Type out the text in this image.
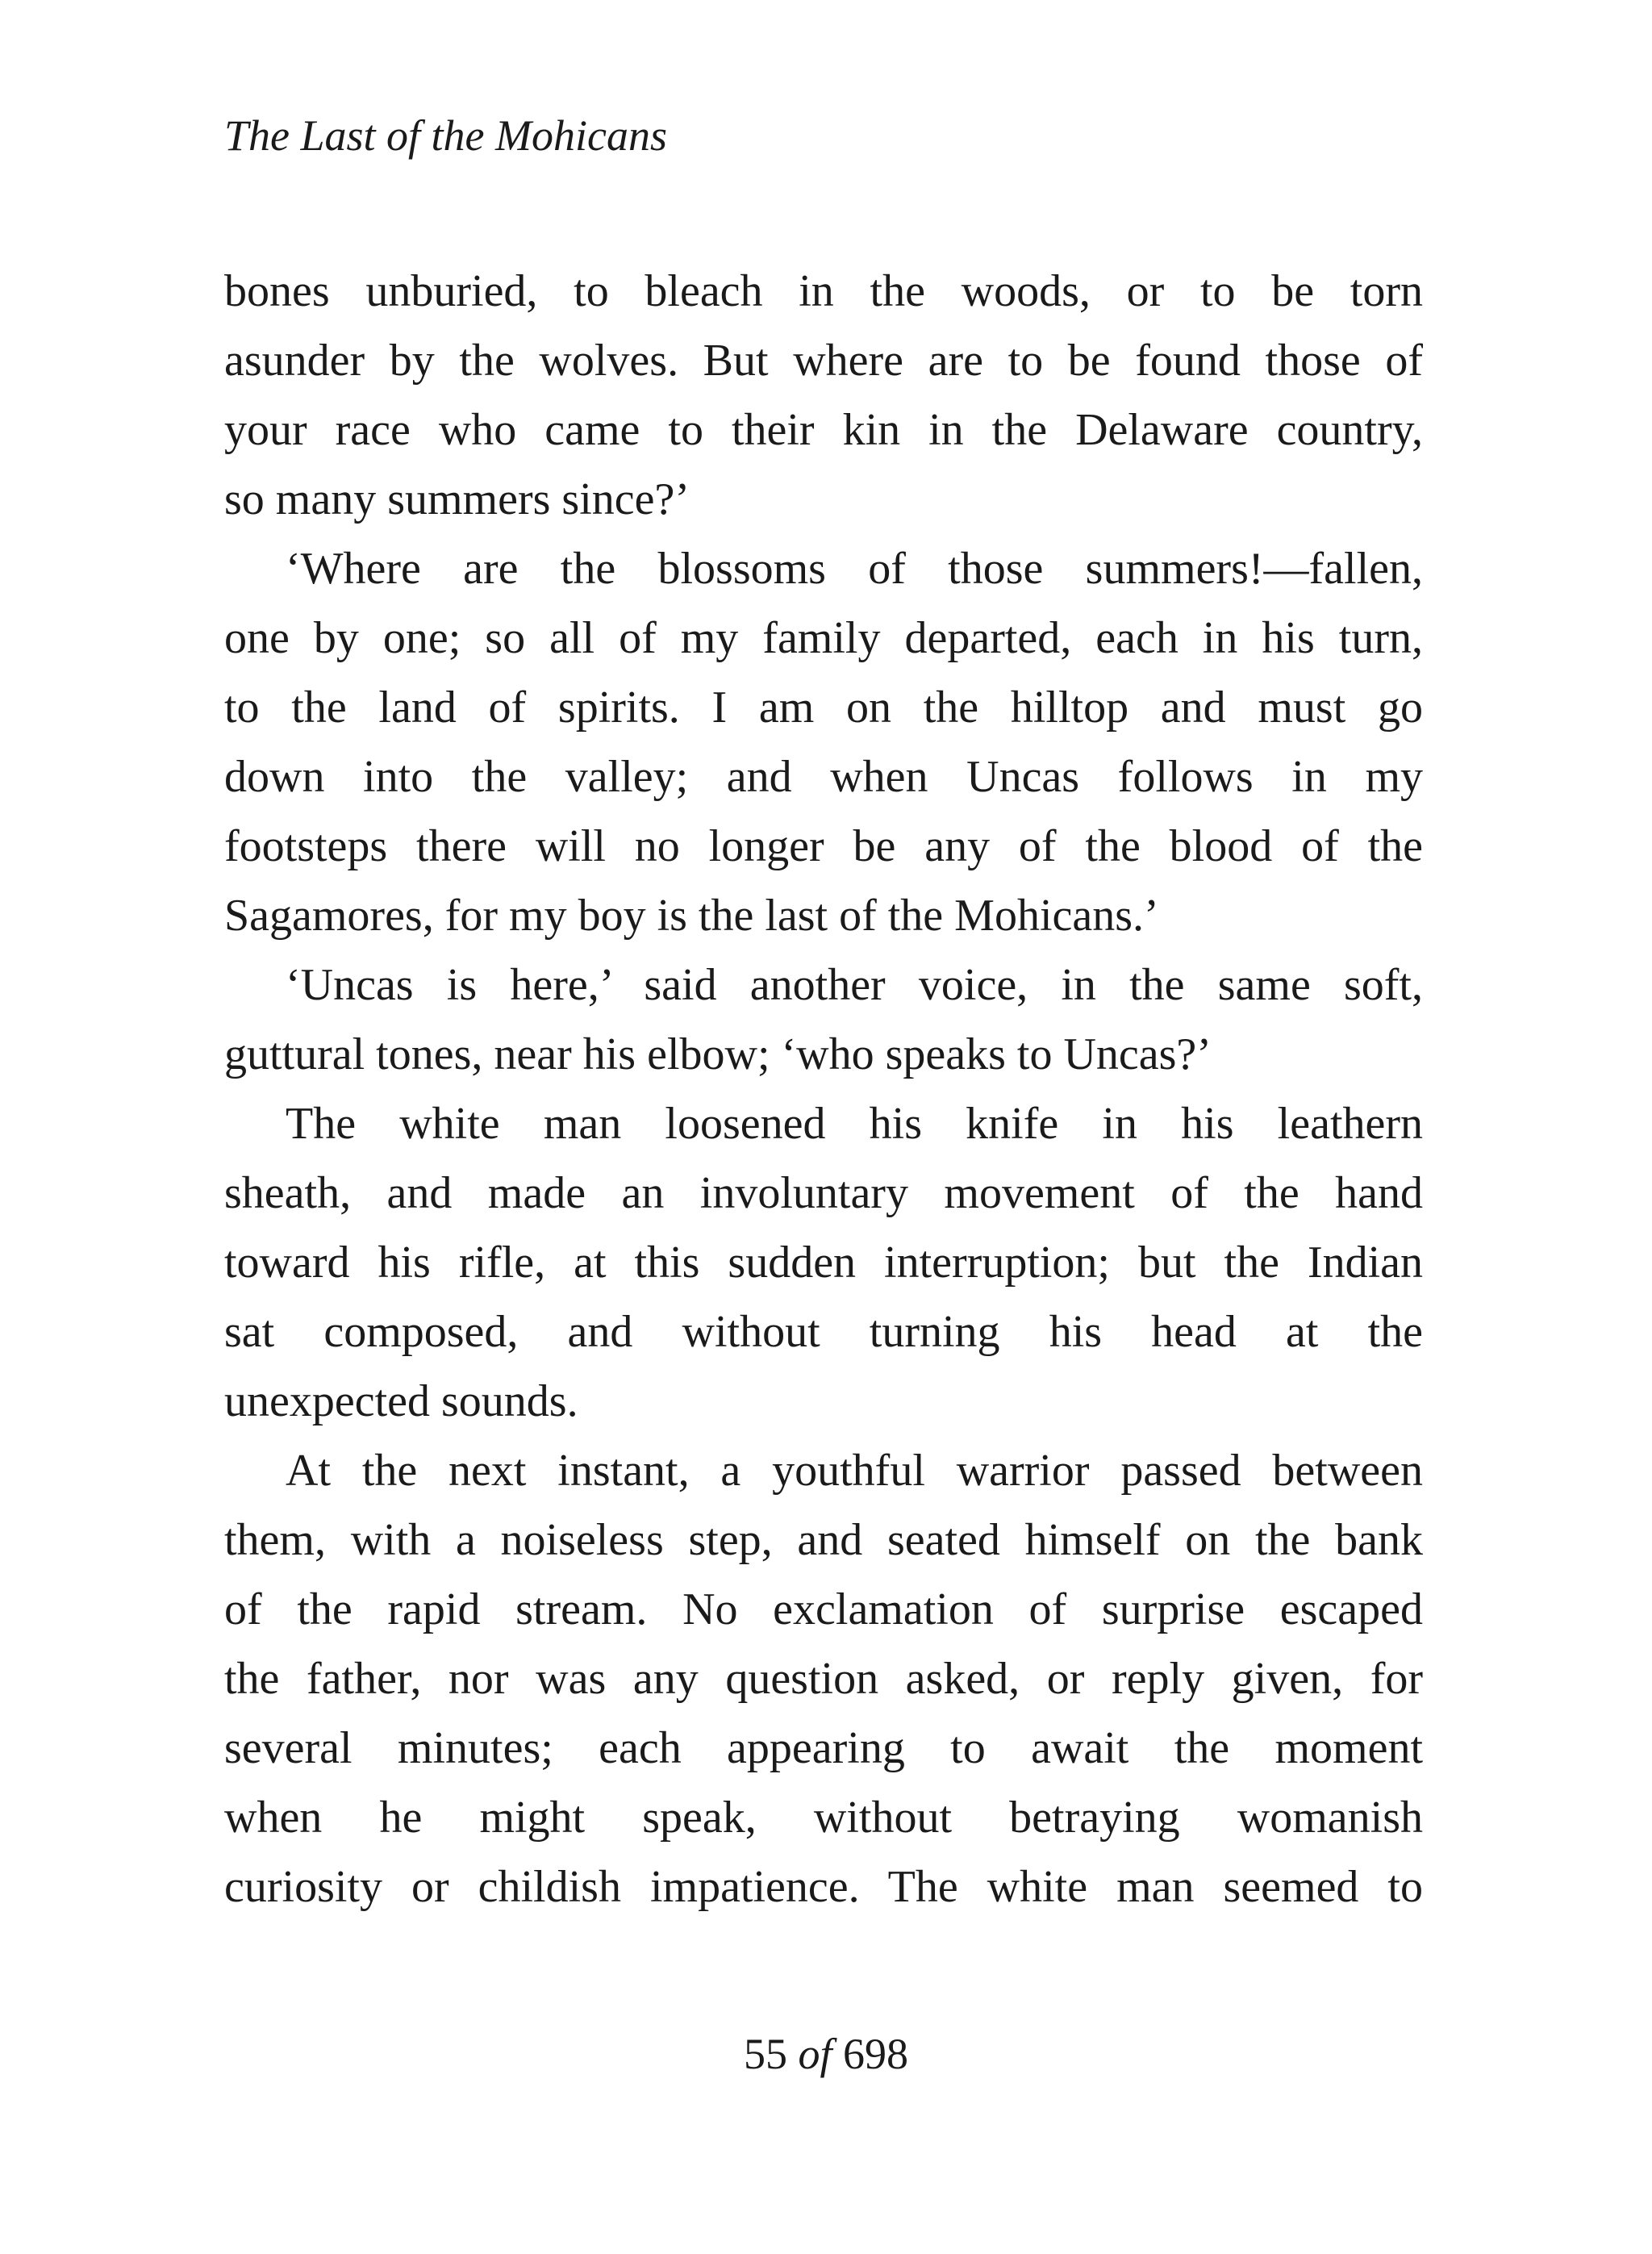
The Last of the Mohicans
bones unburied, to bleach in the woods, or to be torn
asunder by the wolves. But where are to be found those of
your race who came to their kin in the Delaware country,
so many summers since?’
‘Where are the blossoms of those summers!—fallen,
one by one; so all of my family departed, each in his turn,
to the land of spirits. I am on the hilltop and must go
down into the valley; and when Uncas follows in my
footsteps there will no longer be any of the blood of the
Sagamores, for my boy is the last of the Mohicans.’
‘Uncas is here,’ said another voice, in the same soft,
guttural tones, near his elbow; ‘who speaks to Uncas?’
The white man loosened his knife in his leathern
sheath, and made an involuntary movement of the hand
toward his rifle, at this sudden interruption; but the Indian
sat composed, and without turning his head at the
unexpected sounds.
At the next instant, a youthful warrior passed between
them, with a noiseless step, and seated himself on the bank
of the rapid stream. No exclamation of surprise escaped
the father, nor was any question asked, or reply given, for
several minutes; each appearing to await the moment
when he might speak, without betraying womanish
curiosity or childish impatience. The white man seemed to
55 of 698
